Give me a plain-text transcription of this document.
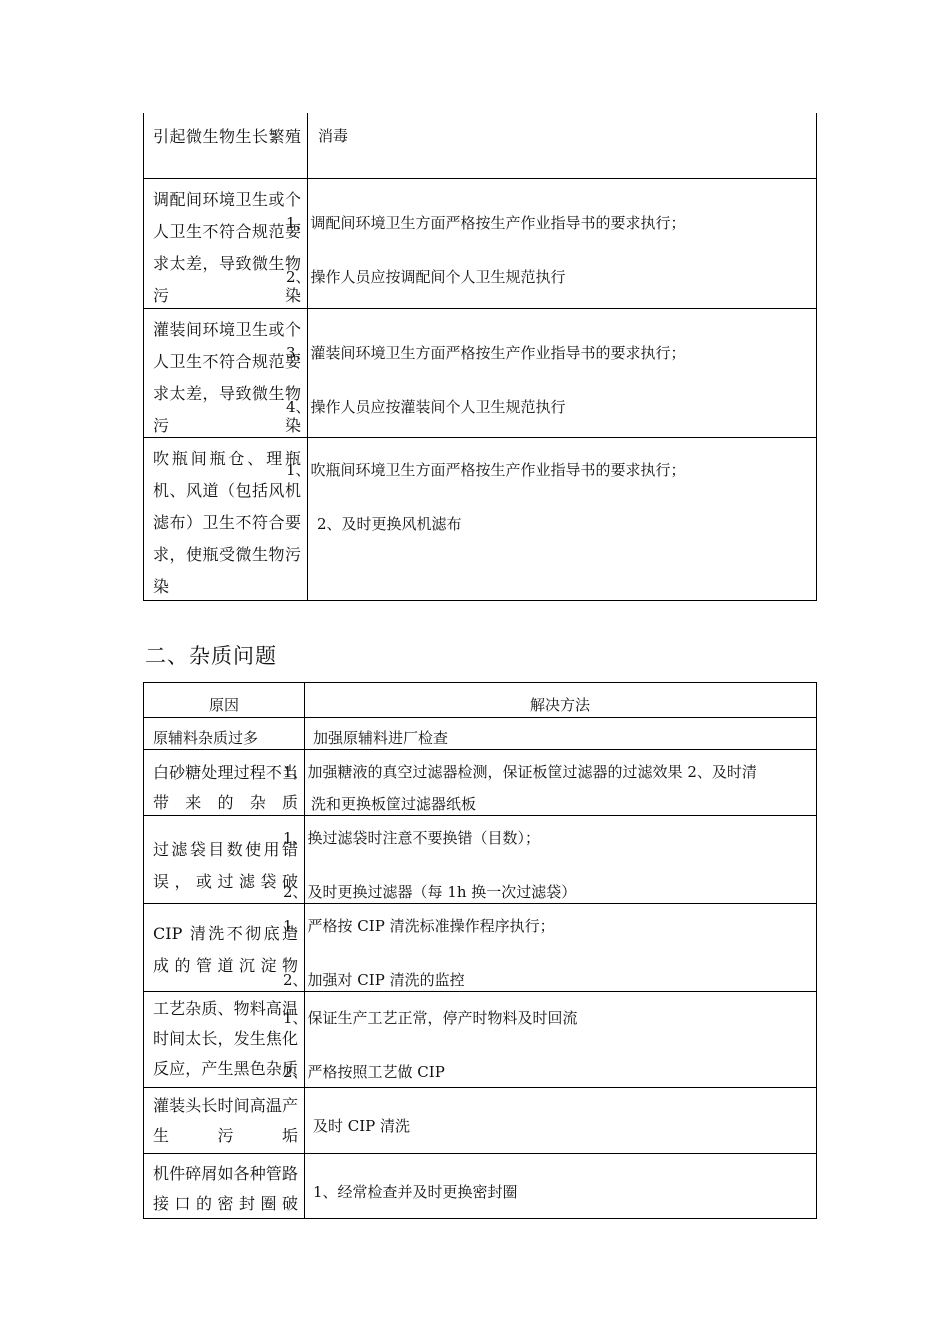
引起微生物生长繁殖 消毒
调配间环境卫生或个人卫生不符合规范要求太差，导致微生物污染
1、调配间环境卫生方面严格按生产作业指导书的要求执行；
2、操作人员应按调配间个人卫生规范执行
灌装间环境卫生或个人卫生不符合规范要求太差，导致微生物污染
3、灌装间环境卫生方面严格按生产作业指导书的要求执行；
4、操作人员应按灌装间个人卫生规范执行
吹瓶间瓶仓、理瓶机、风道（包括风机滤布）卫生不符合要求，使瓶受微生物污染
1、吹瓶间环境卫生方面严格按生产作业指导书的要求执行；
2、及时更换风机滤布
二、杂质问题
原因	解决方法
原辅料杂质过多	加强原辅料进厂检查
白砂糖处理过程不当带来的杂质
1、加强糖液的真空过滤器检测，保证板筐过滤器的过滤效果 2、及时清
洗和更换板筐过滤器纸板
过滤袋目数使用错误，或过滤袋破
1、换过滤袋时注意不要换错（目数）；
2、及时更换过滤器（每 1h 换一次过滤袋）
CIP 清洗不彻底造成的管道沉淀物
1、严格按 CIP 清洗标准操作程序执行；
2、加强对 CIP 清洗的监控
工艺杂质、物料高温时间太长，发生焦化反应，产生黑色杂质
1、保证生产工艺正常，停产时物料及时回流
2、严格按照工艺做 CIP
灌装头长时间高温产生污垢 及时 CIP 清洗
机件碎屑如各种管路接口的密封圈破
1、经常检查并及时更换密封圈
